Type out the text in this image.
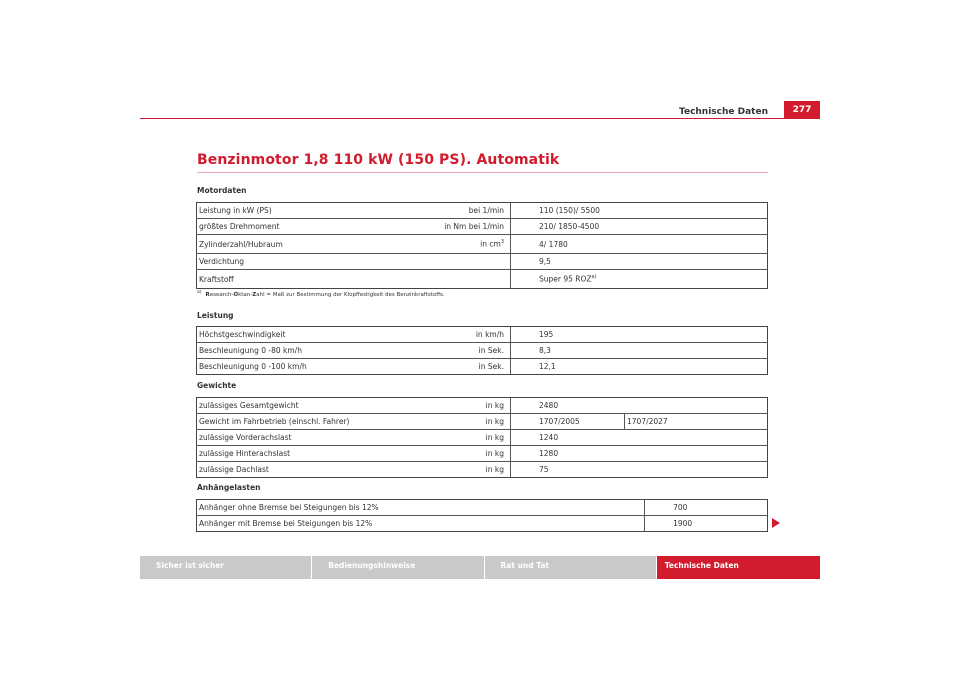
Technische Daten	277
Benzinmotor 1,8 110 kW (150 PS). Automatik
Motordaten
Leistung in kW (PS)	bei 1/min	110 (150)/ 5500	
größtes Drehmoment	in Nm bei 1/min	210/ 1850-4500	
Zylinderzahl/Hubraum	in $cm^3$	4/ 1780	
Verdichtung		9,5	
Kraftstoff		Super 95 ROZ$^{a)}$	
$^{a)}$ Research-Oktan-Zahl = Maß zur Bestimmung der Klopffestigkeit des Benzinkraftstoffs.
Leistung
Höchstgeschwindigkeit	in km/h	195	
Beschleunigung 0 -80 km/h	in Sek.	8,3	
Beschleunigung 0 -100 km/h	in Sek.	12,1	
Gewichte
zulässiges Gesamtgewicht	in kg	2480	
Gewicht im Fahrbetrieb (einschl. Fahrer)	in kg	1707/2005	1707/2027
zulässige Vorderachslast	in kg	1240	
zulässige Hinterachslast	in kg	1280	
zulässige Dachlast	in kg	75	
Anhängelasten
Anhänger ohne Bremse bei Steigungen bis 12%	700	
Anhänger mit Bremse bei Steigungen bis 12%	1900	
Sicher ist sicher	Bedienungshinweise	Rat und Tat	Technische Daten
